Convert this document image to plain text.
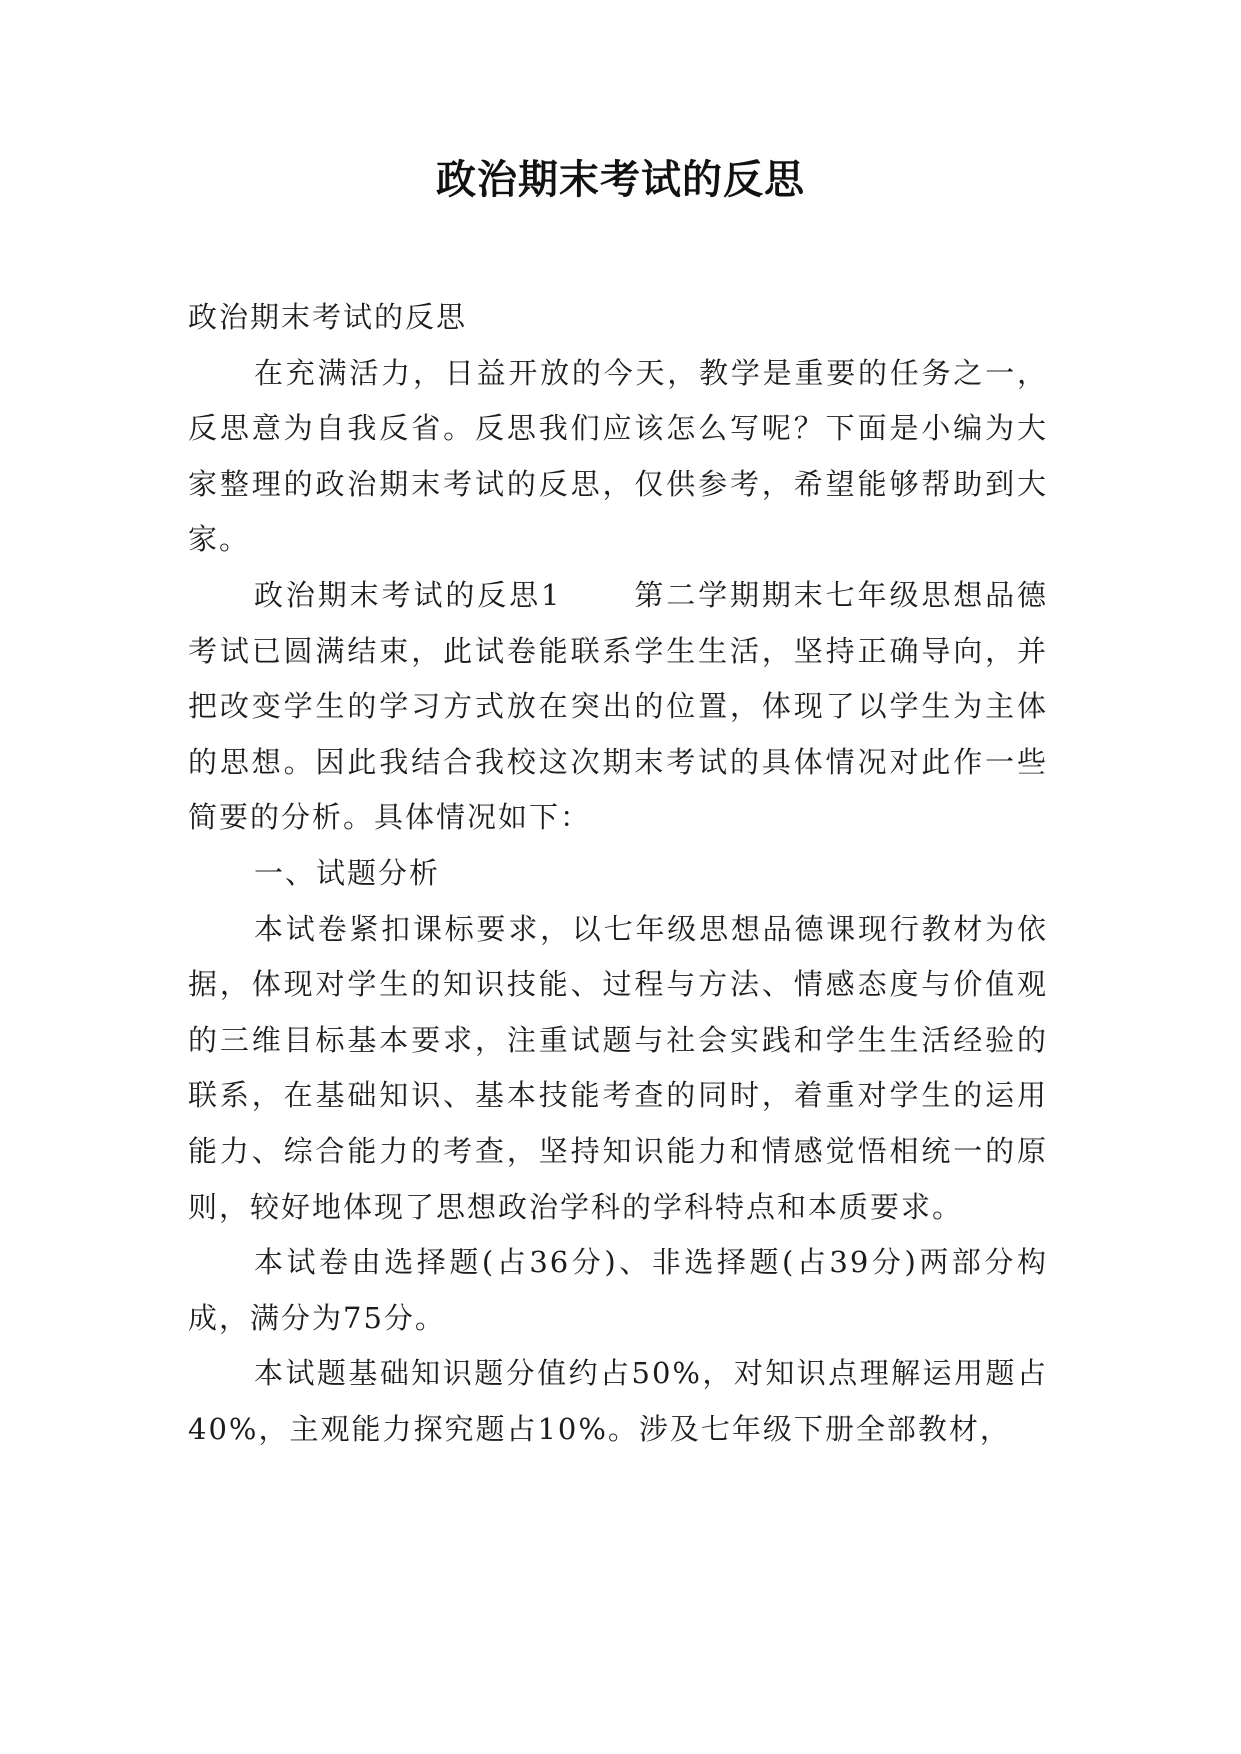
政治期末考试的反思

政治期末考试的反思

在充满活力，日益开放的今天，教学是重要的任务之一，反思意为自我反省。反思我们应该怎么写呢？下面是小编为大家整理的政治期末考试的反思，仅供参考，希望能够帮助到大家。

政治期末考试的反思1 第二学期期末七年级思想品德考试已圆满结束，此试卷能联系学生生活，坚持正确导向，并把改变学生的学习方式放在突出的位置，体现了以学生为主体的思想。因此我结合我校这次期末考试的具体情况对此作一些简要的分析。具体情况如下：

一、试题分析

本试卷紧扣课标要求，以七年级思想品德课现行教材为依据，体现对学生的知识技能、过程与方法、情感态度与价值观的三维目标基本要求，注重试题与社会实践和学生生活经验的联系，在基础知识、基本技能考查的同时，着重对学生的运用能力、综合能力的考查，坚持知识能力和情感觉悟相统一的原则，较好地体现了思想政治学科的学科特点和本质要求。

本试卷由选择题(占36分)、非选择题(占39分)两部分构成，满分为75分。

本试题基础知识题分值约占50%，对知识点理解运用题占40%，主观能力探究题占10%。涉及七年级下册全部教材，
